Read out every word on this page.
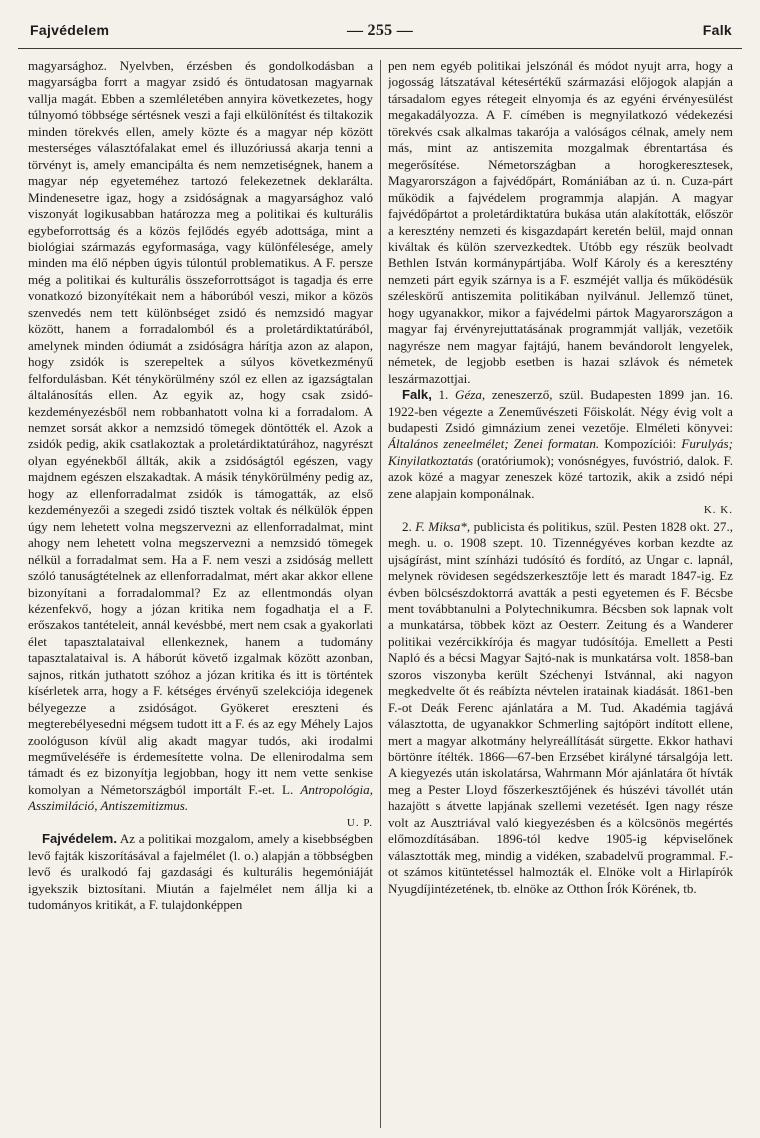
Fajvédelem	— 255 —	Falk

magyarsághoz. Nyelvben, érzésben és gondolkodásban a magyarságba forrt a magyar zsidó és öntudatosan magyarnak vallja magát. Ebben a szemléletében annyira következetes, hogy túlnyomó többsége sértésnek veszi a faji elkülönítést és tiltakozik minden törekvés ellen, amely közte és a magyar nép között mesterséges választófalakat emel és illuzóriussá akarja tenni a törvényt is, amely emancipálta és nem nemzetiségnek, hanem a magyar nép egyeteméhez tartozó felekezetnek deklarálta. Mindenesetre igaz, hogy a zsidóságnak a magyarsághoz való viszonyát logikusabban határozza meg a politikai és kulturális egybeforrottság és a közös fejlődés egyéb adottsága, mint a biológiai származás egyformasága, vagy különfélesége, amely minden ma élő népben úgyis túlontúl problematikus. A F. persze még a politikai és kulturális összeforrottságot is tagadja és erre vonatkozó bizonyítékait nem a háborúból veszi, mikor a közös szenvedés nem tett különbséget zsidó és nemzsidó magyar között, hanem a forradalomból és a proletárdiktatúrából, amelynek minden ódiumát a zsidóságra hárítja azon az alapon, hogy zsidók is szerepeltek a súlyos következményű felfordulásban. Két ténykörülmény szól ez ellen az igazságtalan általánosítás ellen. Az egyik az, hogy csak zsidó-kezdeményezésből nem robbanhatott volna ki a forradalom. A nemzet sorsát akkor a nemzsidó tömegek döntötték el. Azok a zsidók pedig, akik csatlakoztak a proletárdiktatúrához, nagyrészt olyan egyénekből állták, akik a zsidóságtól egészen, vagy majdnem egészen elszakadtak. A másik ténykörülmény pedig az, hogy az ellenforradalmat zsidók is támogatták, az első kezdeményezői a szegedi zsidó tisztek voltak és nélkülök éppen úgy nem lehetett volna megszervezni az ellenforradalmat, mint ahogy nem lehetett volna megszervezni a nemzsidó tömegek nélkül a forradalmat sem. Ha a F. nem veszi a zsidóság mellett szóló tanuságtételnek az ellenforradalmat, mért akar akkor ellene bizonyítani a forradalommal? Ez az ellentmondás olyan kézenfekvő, hogy a józan kritika nem fogadhatja el a F. erőszakos tantételeit, annál kevésbbé, mert nem csak a gyakorlati élet tapasztalataival ellenkeznek, hanem a tudomány tapasztalataival is. A háborút követő izgalmak között azonban, sajnos, ritkán juthatott szóhoz a józan kritika és itt is történtek kísérletek arra, hogy a F. kétséges érvényű szelekciója idegenek bélyegezze a zsidóságot. Gyökeret ereszteni és megterebélyesedni mégsem tudott itt a F. és az egy Méhely Lajos zoológuson kívül alig akadt magyar tudós, aki irodalmi megműveléséře is érdemesítette volna. De ellenirodalma sem támadt és ez bizonyítja legjobban, hogy itt nem vette senkise komolyan a Németországból importált F.-et. L. Antropológia, Asszimiláció, Antiszemitizmus.

U. P.

Fajvédelem. Az a politikai mozgalom, amely a kisebbségben levő fajták kiszorításával a fajelmélet (l. o.) alapján a többségben levő és uralkodó faj gazdasági és kulturális hegemóniáját igyekszik biztosítani. Miután a fajelmélet nem állja ki a tudományos kritikát, a F. tulajdonképpen

pen nem egyéb politikai jelszónál és módot nyujt arra, hogy a jogosság látszatával kétesértékű származási előjogok alapján a társadalom egyes rétegeit elnyomja és az egyéni érvényesülést megakadályozza. A F. címében is megnyilatkozó védekezési törekvés csak alkalmas takarója a valóságos célnak, amely nem más, mint az antiszemita mozgalmak ébrentartása és megerősítése. Németországban a horogkeresztesek, Magyarországon a fajvédőpárt, Romániában az ú. n. Cuza-párt működik a fajvédelem programmja alapján. A magyar fajvédőpártot a proletárdiktatúra bukása után alakították, először a keresztény nemzeti és kisgazdapárt keretén belül, majd onnan kiváltak és külön szervezkedtek. Utóbb egy részük beolvadt Bethlen István kormánypártjába. Wolf Károly és a keresztény nemzeti párt egyik szárnya is a F. eszméjét vallja és működésük széleskörű antiszemita politikában nyilvánul. Jellemző tünet, hogy ugyanakkor, mikor a fajvédelmi pártok Magyarországon a magyar faj érvényrejuttatásának programmját vallják, vezetőik nagyrésze nem magyar fajtájú, hanem bevándorolt lengyelek, németek, de legjobb esetben is hazai szlávok és németek leszármazottjai.

Falk, 1. Géza, zeneszerző, szül. Budapesten 1899 jan. 16. 1922-ben végezte a Zeneművészeti Főiskolát. Négy évig volt a budapesti Zsidó gimnázium zenei vezetője. Elméleti könyvei: Általános zeneelmélet; Zenei formatan. Kompozíciói: Furulyás; Kinyilatkoztatás (oratóriumok); vonósnégyes, fuvóstrió, dalok. F. azok közé a magyar zeneszek közé tartozik, akik a zsidó népi zene alapjain komponálnak.

K. K.

2. F. Miksa*, publicista és politikus, szül. Pesten 1828 okt. 27., megh. u. o. 1908 szept. 10. Tizennégyéves korban kezdte az ujságírást, mint színházi tudósító és fordító, az Ungar c. lapnál, melynek rövidesen segédszerkesztője lett és maradt 1847-ig. Ez évben bölcsészdoktorrá avatták a pesti egyetemen és F. Bécsbe ment továbbtanulni a Polytechnikumra. Bécsben sok lapnak volt a munkatársa, többek közt az Oesterr. Zeitung és a Wanderer politikai vezércikkírója és magyar tudósítója. Emellett a Pesti Napló és a bécsi Magyar Sajtó-nak is munkatársa volt. 1858-ban szoros viszonyba került Széchenyi Istvánnal, aki nagyon megkedvelte őt és reábízta névtelen iratainak kiadását. 1861-ben F.-ot Deák Ferenc ajánlatára a M. Tud. Akadémia tagjává választotta, de ugyanakkor Schmerling sajtópört indított ellene, mert a magyar alkotmány helyreállítását sürgette. Ekkor hathavi börtönre ítélték. 1866—67-ben Erzsébet királyné társalgója lett. A kiegyezés után iskolatársa, Wahrmann Mór ajánlatára őt hívták meg a Pester Lloyd főszerkesztőjének és húszévi távollét után hazajött s átvette lapjának szellemi vezetését. Igen nagy része volt az Ausztriával való kiegyezésben és a kölcsönös megértés előmozdításában. 1896-tól kedve 1905-ig képviselőnek választották meg, mindig a vidéken, szabadelvű programmal. F.-ot számos kitüntetéssel halmozták el. Elnöke volt a Hirlapírók Nyugdíjintézetének, tb. elnöke az Otthon Írók Körének, tb.
